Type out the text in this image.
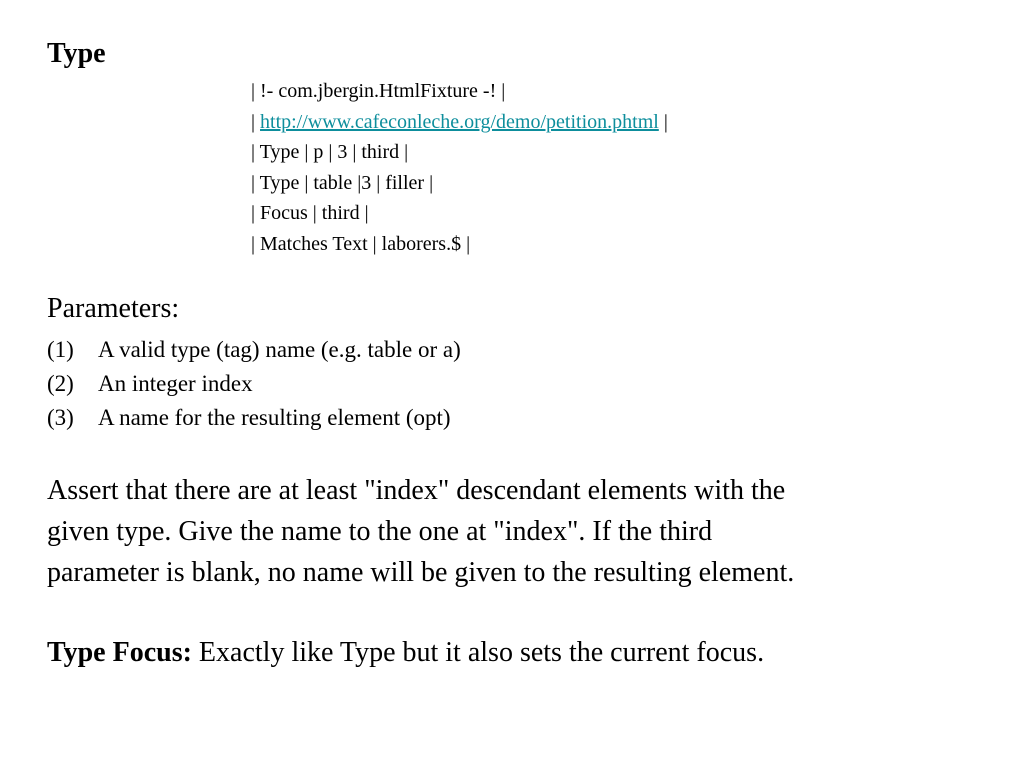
Type
| !- com.jbergin.HtmlFixture -! |
| http://www.cafeconleche.org/demo/petition.phtml |
| Type | p | 3 | third |
| Type | table |3 | filler |
| Focus | third |
| Matches Text | laborers.$ |
Parameters:
(1)	A valid type (tag) name (e.g. table or a)
(2)	An integer index
(3)	A name for the resulting element (opt)
Assert that there are at least "index" descendant elements with the
given type. Give the name to the one at "index". If the third
parameter is blank, no name will be given to the resulting element.
Type Focus: Exactly like Type but it also sets the current focus.
